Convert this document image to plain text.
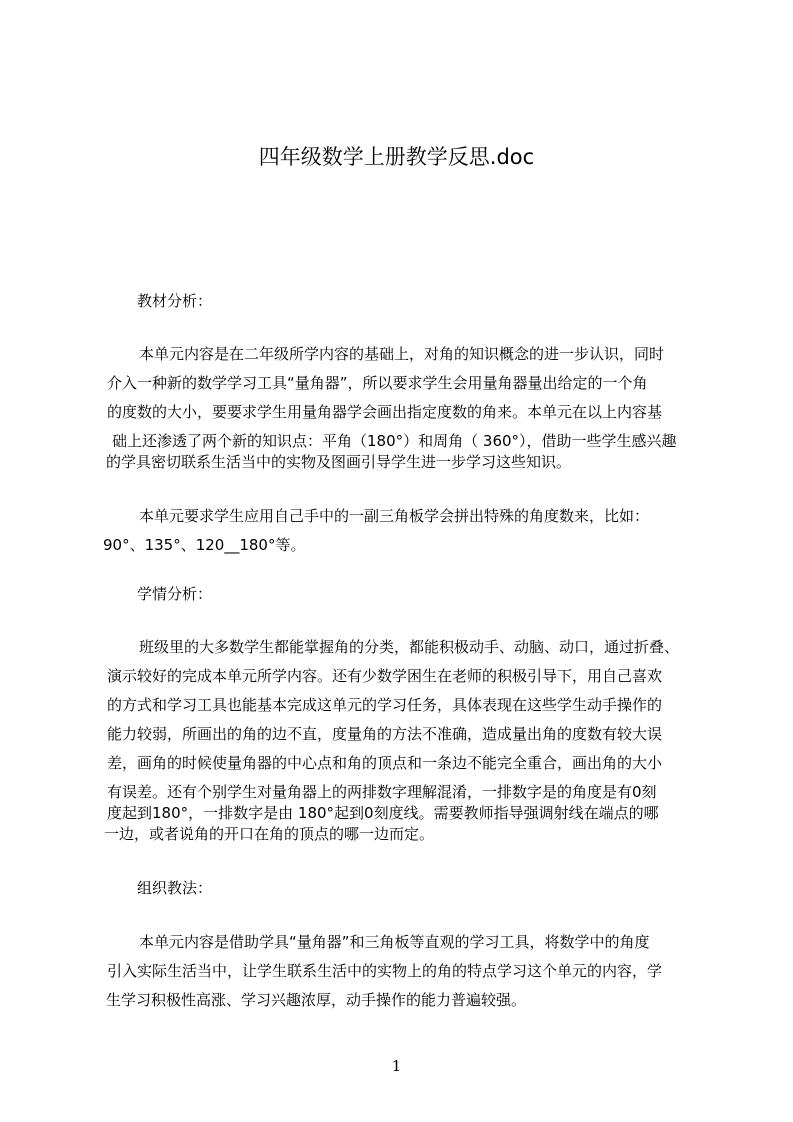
四年级数学上册教学反思.doc
教材分析：
本单元内容是在二年级所学内容的基础上，对角的知识概念的进一步认识，同时
介入一种新的数学学习工具“量角器”，所以要求学生会用量角器量出给定的一个角
的度数的大小，要要求学生用量角器学会画出指定度数的角来。本单元在以上内容基
础上还渗透了两个新的知识点：平角（180°）和周角（ 360°），借助一些学生感兴趣
的学具密切联系生活当中的实物及图画引导学生进一步学习这些知识。
本单元要求学生应用自己手中的一副三角板学会拼出特殊的角度数来，比如：
90°、135°、120__180°等。
学情分析：
班级里的大多数学生都能掌握角的分类，都能积极动手、动脑、动口，通过折叠、
演示较好的完成本单元所学内容。还有少数学困生在老师的积极引导下，用自己喜欢
的方式和学习工具也能基本完成这单元的学习任务，具体表现在这些学生动手操作的
能力较弱，所画出的角的边不直，度量角的方法不准确，造成量出角的度数有较大误
差，画角的时候使量角器的中心点和角的顶点和一条边不能完全重合，画出角的大小
有误差。还有个别学生对量角器上的两排数字理解混淆，一排数字是的角度是有0刻
度起到180°，一排数字是由 180°起到0刻度线。需要教师指导强调射线在端点的哪
一边，或者说角的开口在角的顶点的哪一边而定。
组织教法：
本单元内容是借助学具“量角器”和三角板等直观的学习工具，将数学中的角度
引入实际生活当中，让学生联系生活中的实物上的角的特点学习这个单元的内容，学
生学习积极性高涨、学习兴趣浓厚，动手操作的能力普遍较强。
1
